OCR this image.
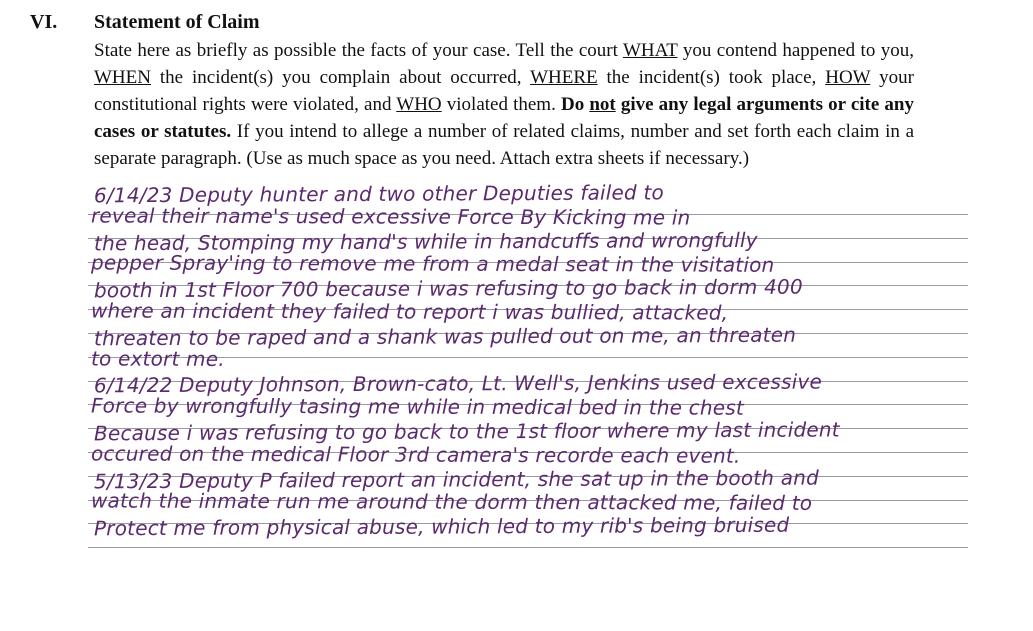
VI. Statement of Claim
State here as briefly as possible the facts of your case. Tell the court WHAT you contend happened to you, WHEN the incident(s) you complain about occurred, WHERE the incident(s) took place, HOW your constitutional rights were violated, and WHO violated them. Do not give any legal arguments or cite any cases or statutes. If you intend to allege a number of related claims, number and set forth each claim in a separate paragraph. (Use as much space as you need. Attach extra sheets if necessary.)
6/14/23 Deputy hunter and two other Deputies failed to
reveal their name's used excessive Force By Kicking me in
the head, Stomping my hand's while in handcuffs and wrongfully
pepper Spray'ing to remove me from a medal seat in the visitation
booth in 1st Floor 700 because i was refusing to go back in dorm 400
where an incident they failed to report i was bullied, attacked,
threaten to be raped and a shank was pulled out on me, an threaten
to extort me.
6/14/22 Deputy Johnson, Brown-cato, Lt. Well's, Jenkins used excessive
Force by wrongfully tasing me while in medical bed in the chest
Because i was refusing to go back to the 1st floor where my last incident
occured on the medical Floor 3rd camera's recorde each event.
5/13/23 Deputy P failed report an incident, she sat up in the booth and
watch the inmate run me around the dorm then attacked me, failed to
Protect me from physical abuse, which led to my rib's being bruised
